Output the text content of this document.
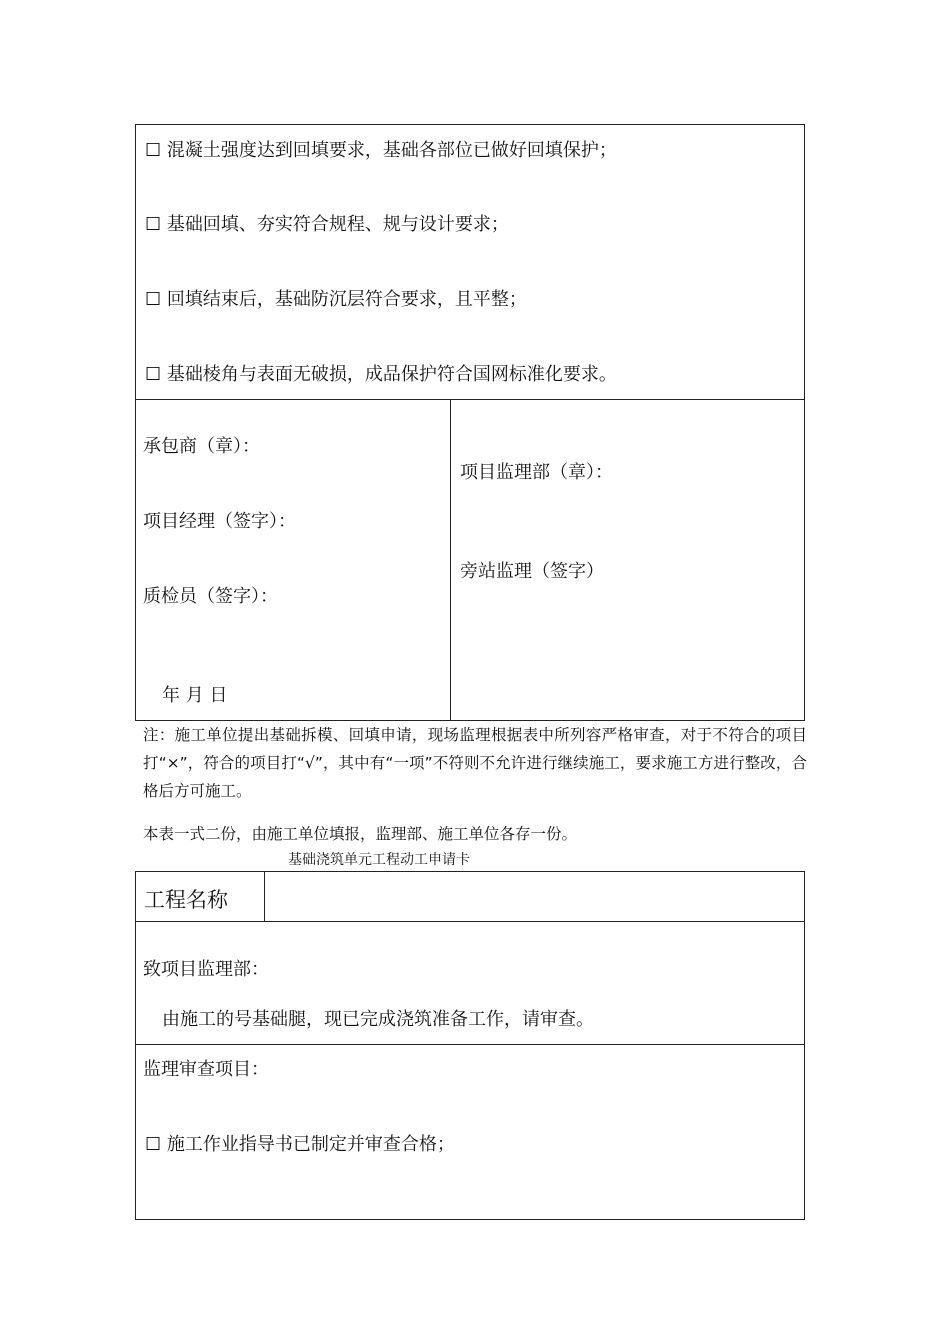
☐ 混凝土强度达到回填要求，基础各部位已做好回填保护；
☐ 基础回填、夯实符合规程、规与设计要求；
☐ 回填结束后，基础防沉层符合要求，且平整；
☐ 基础棱角与表面无破损，成品保护符合国网标准化要求。
承包商（章）：
项目经理（签字）：
质检员（签字）：
年 月 日
项目监理部（章）：
旁站监理（签字）
注：施工单位提出基础拆模、回填申请，现场监理根据表中所列容严格审查，对于不符合的项目打“×”，符合的项目打“√”，其中有“一项”不符则不允许进行继续施工，要求施工方进行整改，合格后方可施工。
本表一式二份，由施工单位填报，监理部、施工单位各存一份。
基础浇筑单元工程动工申请卡
工程名称
致项目监理部：
由施工的号基础腿，现已完成浇筑准备工作，请审查。
监理审查项目：
☐ 施工作业指导书已制定并审查合格；
